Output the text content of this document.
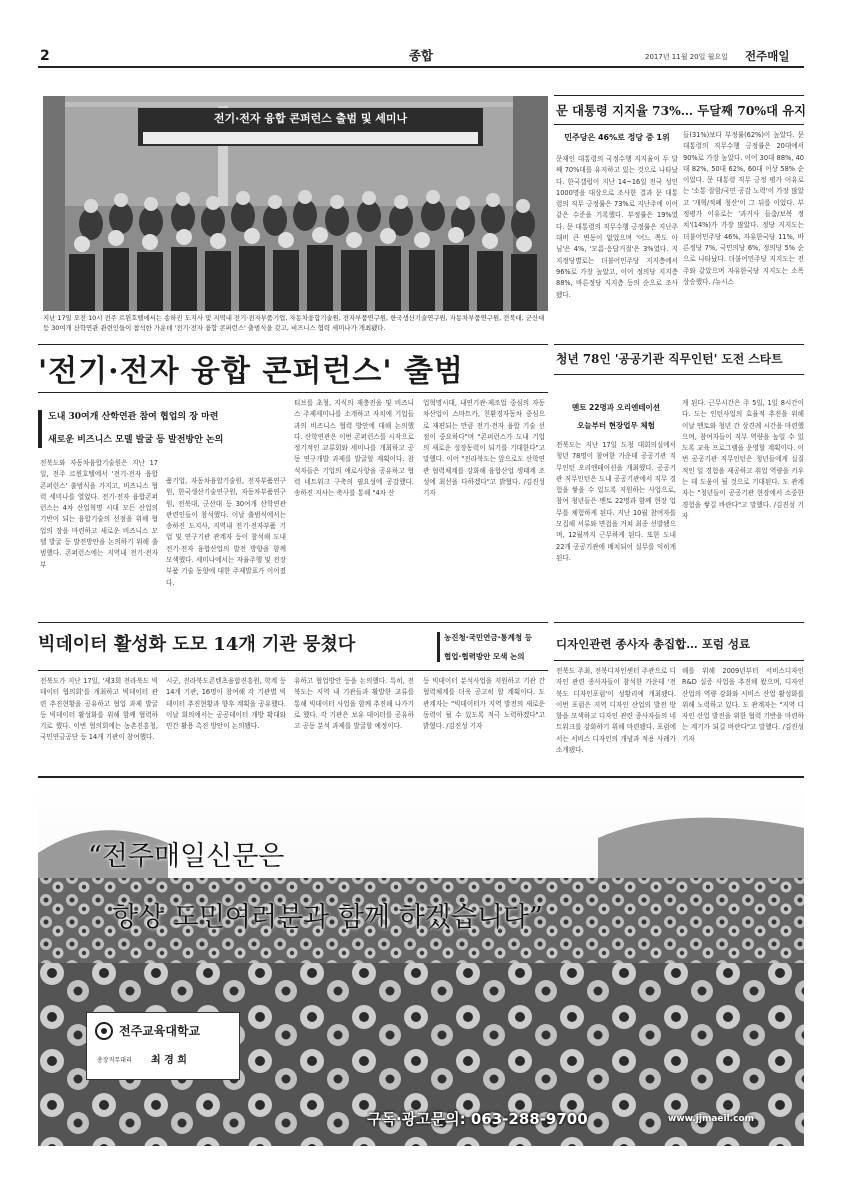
2	종합	2017년 11월 20일 월요일 전주매일
전기·전자 융합 콘퍼런스 출범 및 세미나
지난 17일 오전 10시 전주 르윈호텔에서는 송하진 도지사 및 지역내 전기·전자부품기업, 자동차융합기술원, 전자부품연구원, 한국생산기술연구원, 자동차부품연구원, 전북대, 군산대 등 30여개 산학연관 관련인들이 참석한 가운데 '전기·전자 융합 콘퍼런스' 출범식을 갖고, 비즈니스 협력 세미나가 개최됐다.
문 대통령 지지율 73%… 두달째 70%대 유지
민주당은 46%로 정당 중 1위
문재인 대통령의 국정수행 지지율이 두 달째 70%대를 유지하고 있는 것으로 나타났다. 한국갤럽이 지난 14~16일 전국 성인 1000명을 대상으로 조사한 결과 문 대통령의 직무 긍정률은 73%로 지난주에 이어 같은 수준을 기록했다. 부정률은 19%였다. 문 대통령의 직무수행 긍정률은 지난주 대비 큰 변동이 없었으며 '어느 쪽도 아님'은 4%, '모름·응답거절'은 3%였다. 지지정당별로는 더불어민주당 지지층에서 96%로 가장 높았고, 이어 정의당 지지층 88%, 바른정당 지지층 등의 순으로 조사됐다.
들(31%)보다 부정률(62%)이 높았다. 문 대통령의 직무수행 긍정률은 20대에서 90%로 가장 높았다. 이어 30대 88%, 40대 82%, 50대 62%, 60대 이상 58% 순이었다. 문 대통령 직무 긍정 평가 이유로는 '소통 잘함/국민 공감 노력'이 가장 많았고 '개혁/적폐 청산'이 그 뒤를 이었다. 부정평가 이유로는 '과거사 들춤/보복 정치'(14%)가 가장 많았다. 정당 지지도는 더불어민주당 46%, 자유한국당 11%, 바른정당 7%, 국민의당 6%, 정의당 5% 순으로 나타났다. 더불어민주당 지지도는 전주와 같았으며 자유한국당 지지도는 소폭 상승했다. /뉴시스
'전기·전자 융합 콘퍼런스' 출범
도내 30여개 산학연관 참여 협업의 장 마련
새로운 비즈니스 모델 발굴 등 발전방안 논의
전북도와 자동차융합기술원은 지난 17일, 전주 르윈호텔에서 '전기·전자 융합 콘퍼런스' 출범식을 가지고, 비즈니스 협력 세미나를 열었다. 전기·전자 융합콘퍼런스는 4차 산업혁명 시대 모든 산업의 기반이 되는 융합기술의 선점을 위해 협업의 장을 마련하고 새로운 비즈니스 모델 발굴 등 발전방안을 논의하기 위해 출범했다. 콘퍼런스에는 지역내 전기·전자부
품기업, 자동차융합기술원, 전자부품연구원, 한국생산기술연구원, 자동차부품연구원, 전북대, 군산대 등 30여개 산학연관 관련인들이 참석했다. 이날 출범식에서는 송하진 도지사, 지역내 전기·전자부품 기업 및 연구기관 관계자 등이 참석해 도내 전기·전자 융합산업의 발전 방향을 함께 모색했다. 세미나에서는 자율주행 및 전장부품 기술 동향에 대한 주제발표가 이어졌다.
티브를 초청, 지식의 재충전을 및 비즈니스 주제세미나를 소개하고 자치에 기업들과의 비즈니스 협력 방안에 대해 논의했다. 산학연관은 이번 콘퍼런스를 시작으로 정기적인 교류회와 세미나를 개최하고 공동 연구개발 과제를 발굴할 계획이다. 참석자들은 기업의 애로사항을 공유하고 협력 네트워크 구축의 필요성에 공감했다. 송하진 지사는 축사를 통해 "4차 산
업혁명시대, 내연기관·제조업 중심의 자동차산업이 스마트카, 친환경자동차 중심으로 재편되는 만큼 전기·전자 융합 기술 선점이 중요하다"며 "콘퍼런스가 도내 기업의 새로운 성장동력이 되기를 기대한다"고 말했다. 이어 "전라북도는 앞으로도 산학연관 협력체계를 강화해 융합산업 생태계 조성에 최선을 다하겠다"고 밝혔다. /김진성 기자
청년 78인 '공공기관 직무인턴' 도전 스타트
멘토 22명과 오리엔테이션
오늘부터 현장업무 체험
전북도는 지난 17일 도청 대회의실에서 청년 78명이 참여한 가운데 공공기관 직무인턴 오리엔테이션을 개최했다. 공공기관 직무인턴은 도내 공공기관에서 직무 경험을 쌓을 수 있도록 지원하는 사업으로, 참여 청년들은 멘토 22명과 함께 현장 업무를 체험하게 된다. 지난 10월 참여자를 모집해 서류와 면접을 거쳐 최종 선발됐으며, 12월까지 근무하게 된다. 또한 도내 22개 공공기관에 배치되어 실무를 익히게 된다.
게 된다. 근무시간은 주 5일, 1일 8시간이다. 도는 인턴사업의 효율적 추진을 위해 이날 멘토와 청년 간 상견례 시간을 마련했으며, 참여자들이 직무 역량을 높일 수 있도록 교육 프로그램을 운영할 계획이다. 이번 공공기관 직무인턴은 청년들에게 실질적인 일 경험을 제공하고 취업 역량을 키우는 데 도움이 될 것으로 기대된다. 도 관계자는 "청년들이 공공기관 현장에서 소중한 경험을 쌓길 바란다"고 말했다. /김진성 기자
빅데이터 활성화 도모 14개 기관 뭉쳤다	농진청·국민연금·통계청 등
협업·협력방안 모색 논의
전북도가 지난 17일, '제3회 전라북도 빅데이터 협의회'를 개최하고 빅데이터 관련 추진현황을 공유하고 협업 과제 발굴 등 빅데이터 활성화를 위해 함께 협력하기로 했다. 이번 협의회에는 농촌진흥청, 국민연금공단 등 14개 기관이 참여했다.
시군, 전라북도콘텐츠융합진흥원, 학계 등 14개 기관, 16명이 참여해 각 기관별 빅데이터 추진현황과 향후 계획을 공유했다. 이날 회의에서는 공공데이터 개방 확대와 민간 활용 촉진 방안이 논의됐다.
유하고 협업방안 등을 논의했다. 특히, 전북도는 지역 내 기관들과 활발한 교류를 통해 빅데이터 사업을 함께 추진해 나가기로 했다. 각 기관은 보유 데이터를 공유하고 공동 분석 과제를 발굴할 예정이다.
등 빅데이터 분석사업을 지원하고 기관 간 협력체계를 더욱 공고히 할 계획이다. 도 관계자는 "빅데이터가 지역 발전의 새로운 동력이 될 수 있도록 적극 노력하겠다"고 밝혔다. /김진성 기자
디자인관련 종사자 총집합… 포럼 성료
전북도 주최, 전북디자인센터 주관으로 디자인 관련 종사자들이 참석한 가운데 '전북도 디자인포럼'이 성황리에 개최됐다. 이번 포럼은 지역 디자인 산업의 발전 방향을 모색하고 디자인 관련 종사자들의 네트워크를 강화하기 위해 마련됐다. 포럼에서는 서비스 디자인의 개념과 적용 사례가 소개됐다.
해를 위해 2009년부터 서비스디자인 R&D 실증 사업을 추진해 왔으며, 디자인 산업의 역량 강화와 서비스 산업 활성화를 위해 노력하고 있다. 도 관계자는 "지역 디자인 산업 발전을 위한 협력 기반을 마련하는 계기가 되길 바란다"고 말했다. /김진성 기자
“전주매일신문은
항상 도민여러분과 함께 하겠습니다”
전주교육대학교
총장직무대리 최 경 희
구독·광고문의: 063-288-9700	www.jjmaeil.com
